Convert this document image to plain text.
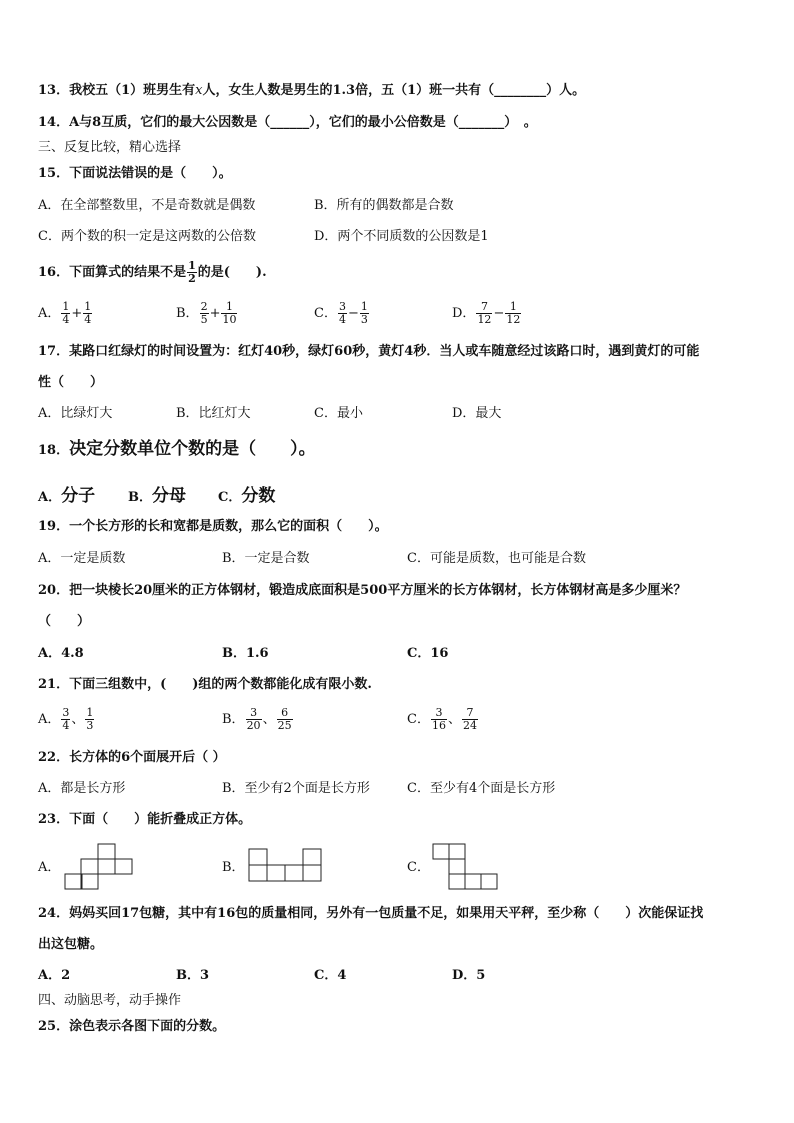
13．我校五（1）班男生有x人，女生人数是男生的1.3倍，五（1）班一共有（________）人。
14．A与8互质，它们的最大公因数是（______），它们的最小公倍数是（_______）　。
三、反复比较，精心选择
15．下面说法错误的是（　　）。
A．在全部整数里，不是奇数就是偶数	B．所有的偶数都是合数
C．两个数的积一定是这两数的公倍数	D．两个不同质数的公因数是1
16．下面算式的结果不是 $\frac{1}{2}$ 的是(　　).
A． $\frac{1}{4} + \frac{1}{4}$	B． $\frac{2}{5} + \frac{1}{10}$	C． $\frac{3}{4} - \frac{1}{3}$	D． $\frac{7}{12} - \frac{1}{12}$
17．某路口红绿灯的时间设置为：红灯40秒，绿灯60秒，黄灯4秒．当人或车随意经过该路口时，遇到黄灯的可能
性（　　）
A．比绿灯大	B．比红灯大	C．最小	D．最大
18．决定分数单位个数的是（　　）。
A．分子	B．分母 C．分数
19．一个长方形的长和宽都是质数，那么它的面积（　　）。
A．一定是质数	B．一定是合数	C．可能是质数，也可能是合数
20．把一块棱长20厘米的正方体钢材，锻造成底面积是500平方厘米的长方体钢材，长方体钢材高是多少厘米？
（　　）
A．4.8	B．1.6	C．16
21．下面三组数中，(　　)组的两个数都能化成有限小数.
A． $\frac{3}{4}$ 、 $\frac{1}{3}$	B． $\frac{3}{20}$ 、 $\frac{6}{25}$	C． $\frac{3}{16}$ 、 $\frac{7}{24}$
22．长方体的6个面展开后（ ）
A．都是长方形	B．至少有2个面是长方形	C．至少有4个面是长方形
23．下面（　　）能折叠成正方体。
A．	B．	C．
24．妈妈买回17包糖，其中有16包的质量相同，另外有一包质量不足，如果用天平秤，至少称（　　）次能保证找
出这包糖。
A．2	B．3	C．4	D．5
四、动脑思考，动手操作
25．涂色表示各图下面的分数。
